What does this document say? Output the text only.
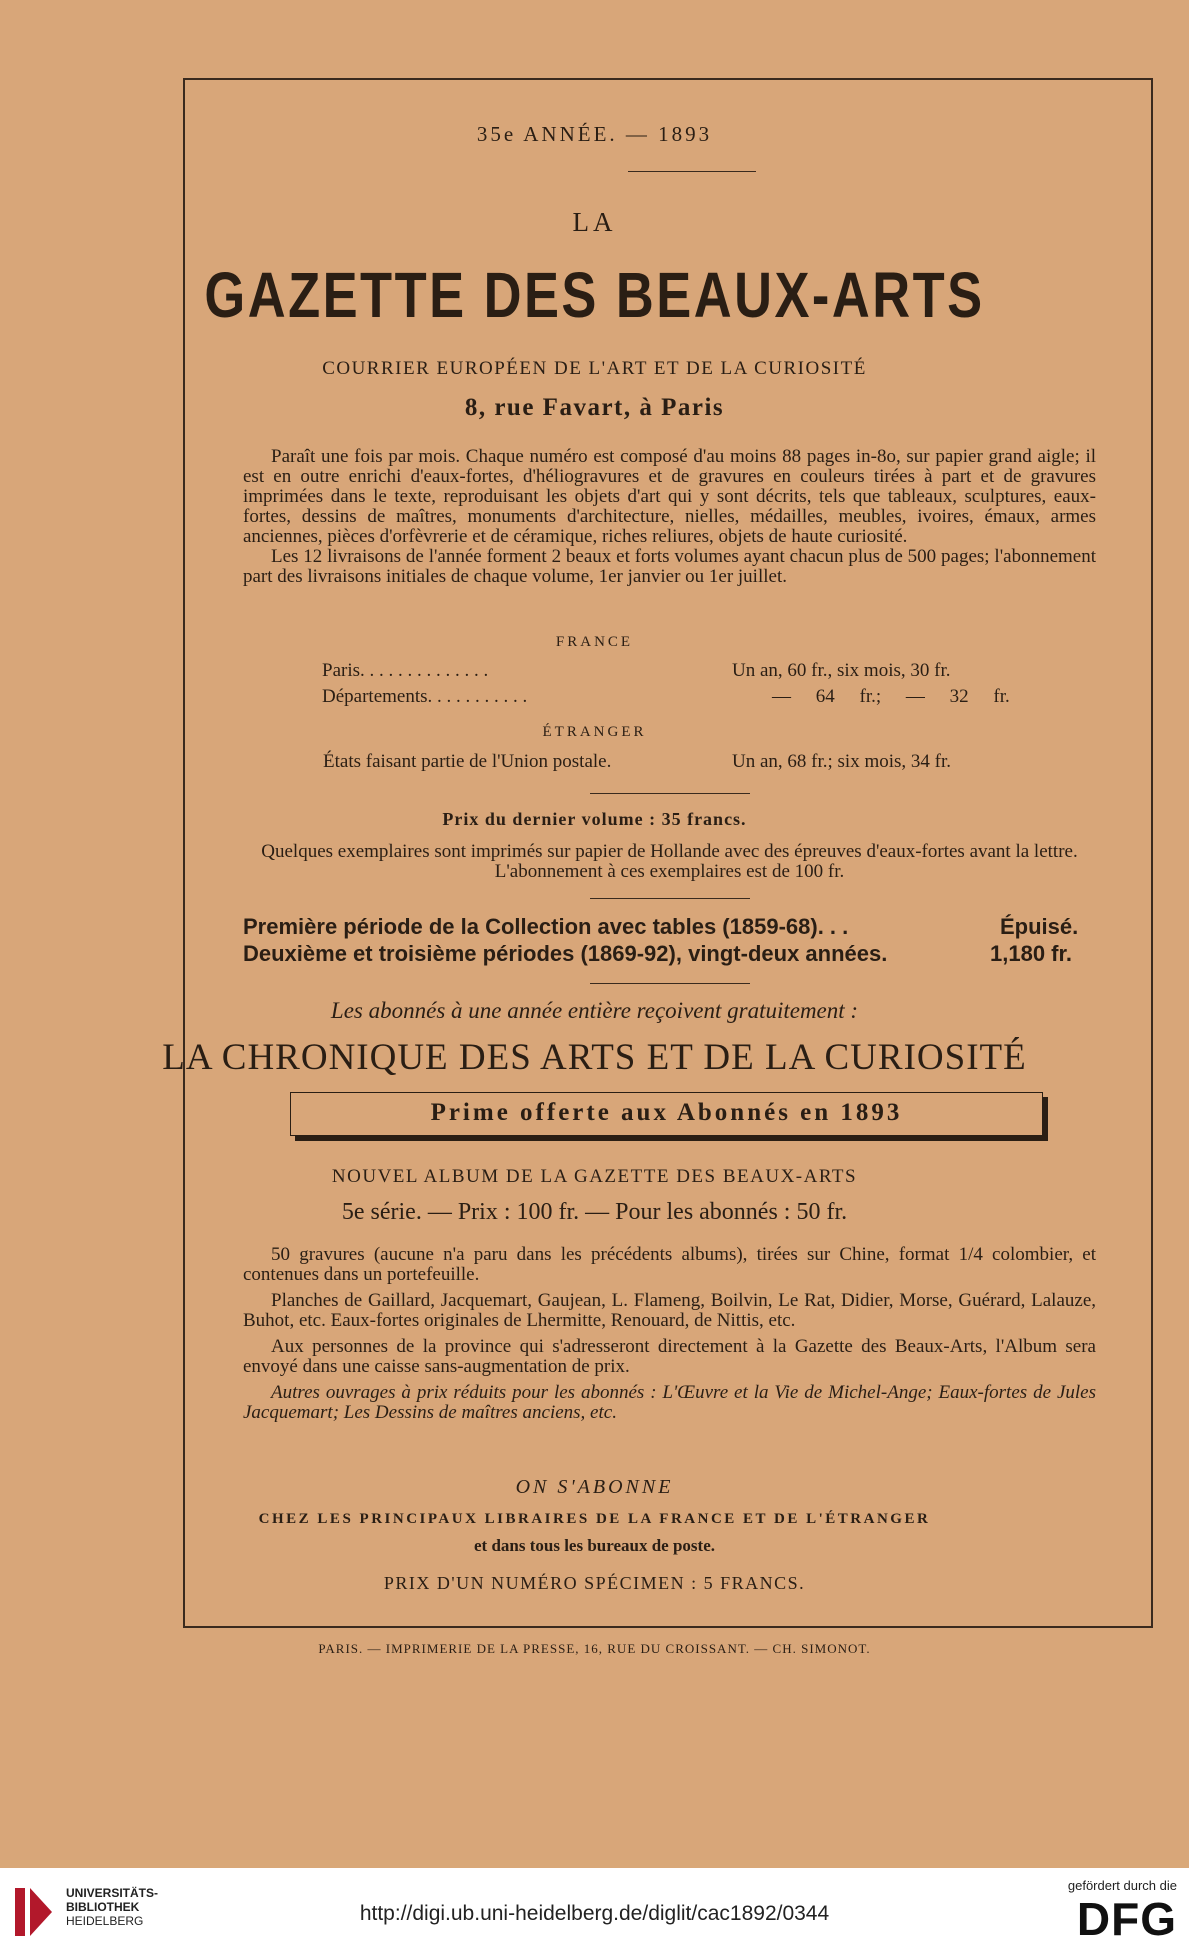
35e ANNÉE. — 1893
LA
GAZETTE DES BEAUX-ARTS
COURRIER EUROPÉEN DE L'ART ET DE LA CURIOSITÉ
8, rue Favart, à Paris

Paraît une fois par mois. Chaque numéro est composé d'au moins 88 pages in-8o, sur papier grand aigle; il est en outre enrichi d'eaux-fortes, d'héliogravures et de gravures en couleurs tirées à part et de gravures imprimées dans le texte, reproduisant les objets d'art qui y sont décrits, tels que tableaux, sculptures, eaux-fortes, dessins de maîtres, monuments d'architecture, nielles, médailles, meubles, ivoires, émaux, armes anciennes, pièces d'orfèvrerie et de céramique, riches reliures, objets de haute curiosité.

Les 12 livraisons de l'année forment 2 beaux et forts volumes ayant chacun plus de 500 pages; l'abonnement part des livraisons initiales de chaque volume, 1er janvier ou 1er juillet.

FRANCE
Paris. . . . . . . . . . . . . .	Un an, 60 fr., six mois, 30 fr.
Départements. . . . . . . . . . .	— 64 fr.; — 32 fr.
ÉTRANGER
États faisant partie de l'Union postale.	Un an, 68 fr.; six mois, 34 fr.
Prix du dernier volume : 35 francs.
Quelques exemplaires sont imprimés sur papier de Hollande avec des épreuves d'eaux-fortes avant la lettre. L'abonnement à ces exemplaires est de 100 fr.
Première période de la Collection avec tables (1859-68). . .	Épuisé.
Deuxième et troisième périodes (1869-92), vingt-deux années.	1,180 fr.
Les abonnés à une année entière reçoivent gratuitement :
LA CHRONIQUE DES ARTS ET DE LA CURIOSITÉ
Prime offerte aux Abonnés en 1893
NOUVEL ALBUM DE LA GAZETTE DES BEAUX-ARTS
5e série. — Prix : 100 fr. — Pour les abonnés : 50 fr.

50 gravures (aucune n'a paru dans les précédents albums), tirées sur Chine, format 1/4 colombier, et contenues dans un portefeuille.

Planches de Gaillard, Jacquemart, Gaujean, L. Flameng, Boilvin, Le Rat, Didier, Morse, Guérard, Lalauze, Buhot, etc. Eaux-fortes originales de Lhermitte, Renouard, de Nittis, etc.

Aux personnes de la province qui s'adresseront directement à la Gazette des Beaux-Arts, l'Album sera envoyé dans une caisse sans-augmentation de prix.

Autres ouvrages à prix réduits pour les abonnés : L'Œuvre et la Vie de Michel-Ange; Eaux-fortes de Jules Jacquemart; Les Dessins de maîtres anciens, etc.

ON S'ABONNE
CHEZ LES PRINCIPAUX LIBRAIRES DE LA FRANCE ET DE L'ÉTRANGER
et dans tous les bureaux de poste.
PRIX D'UN NUMÉRO SPÉCIMEN : 5 FRANCS.
PARIS. — IMPRIMERIE DE LA PRESSE, 16, RUE DU CROISSANT. — CH. SIMONOT.
UNIVERSITÄTS-
BIBLIOTHEK
HEIDELBERG	http://digi.ub.uni-heidelberg.de/diglit/cac1892/0344
gefördert durch die
DFG
